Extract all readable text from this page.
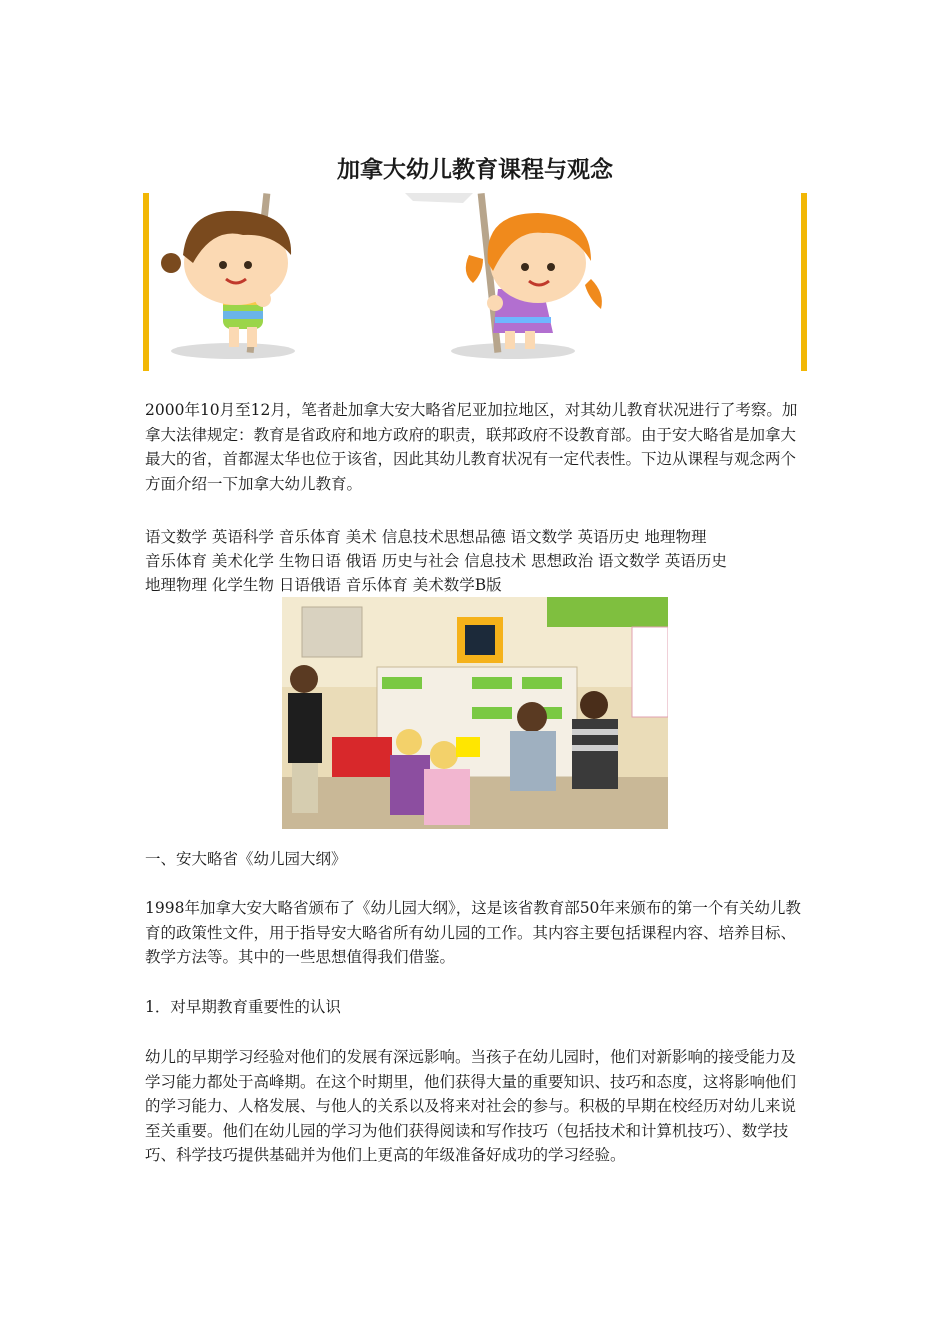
加拿大幼儿教育课程与观念

2000年10月至12月，笔者赴加拿大安大略省尼亚加拉地区，对其幼儿教育状况进行了考察。加拿大法律规定：教育是省政府和地方政府的职责，联邦政府不设教育部。由于安大略省是加拿大最大的省，首都渥太华也位于该省，因此其幼儿教育状况有一定代表性。下边从课程与观念两个方面介绍一下加拿大幼儿教育。

语文数学 英语科学 音乐体育 美术 信息技术思想品德 语文数学 英语历史 地理物理

音乐体育 美术化学 生物日语 俄语 历史与社会 信息技术 思想政治 语文数学 英语历史

地理物理 化学生物 日语俄语 音乐体育 美术数学B版

一、安大略省《幼儿园大纲》

1998年加拿大安大略省颁布了《幼儿园大纲》，这是该省教育部50年来颁布的第一个有关幼儿教育的政策性文件，用于指导安大略省所有幼儿园的工作。其内容主要包括课程内容、培养目标、教学方法等。其中的一些思想值得我们借鉴。

1．对早期教育重要性的认识

幼儿的早期学习经验对他们的发展有深远影响。当孩子在幼儿园时，他们对新影响的接受能力及学习能力都处于高峰期。在这个时期里，他们获得大量的重要知识、技巧和态度，这将影响他们的学习能力、人格发展、与他人的关系以及将来对社会的参与。积极的早期在校经历对幼儿来说至关重要。他们在幼儿园的学习为他们获得阅读和写作技巧（包括技术和计算机技巧）、数学技巧、科学技巧提供基础并为他们上更高的年级准备好成功的学习经验。
